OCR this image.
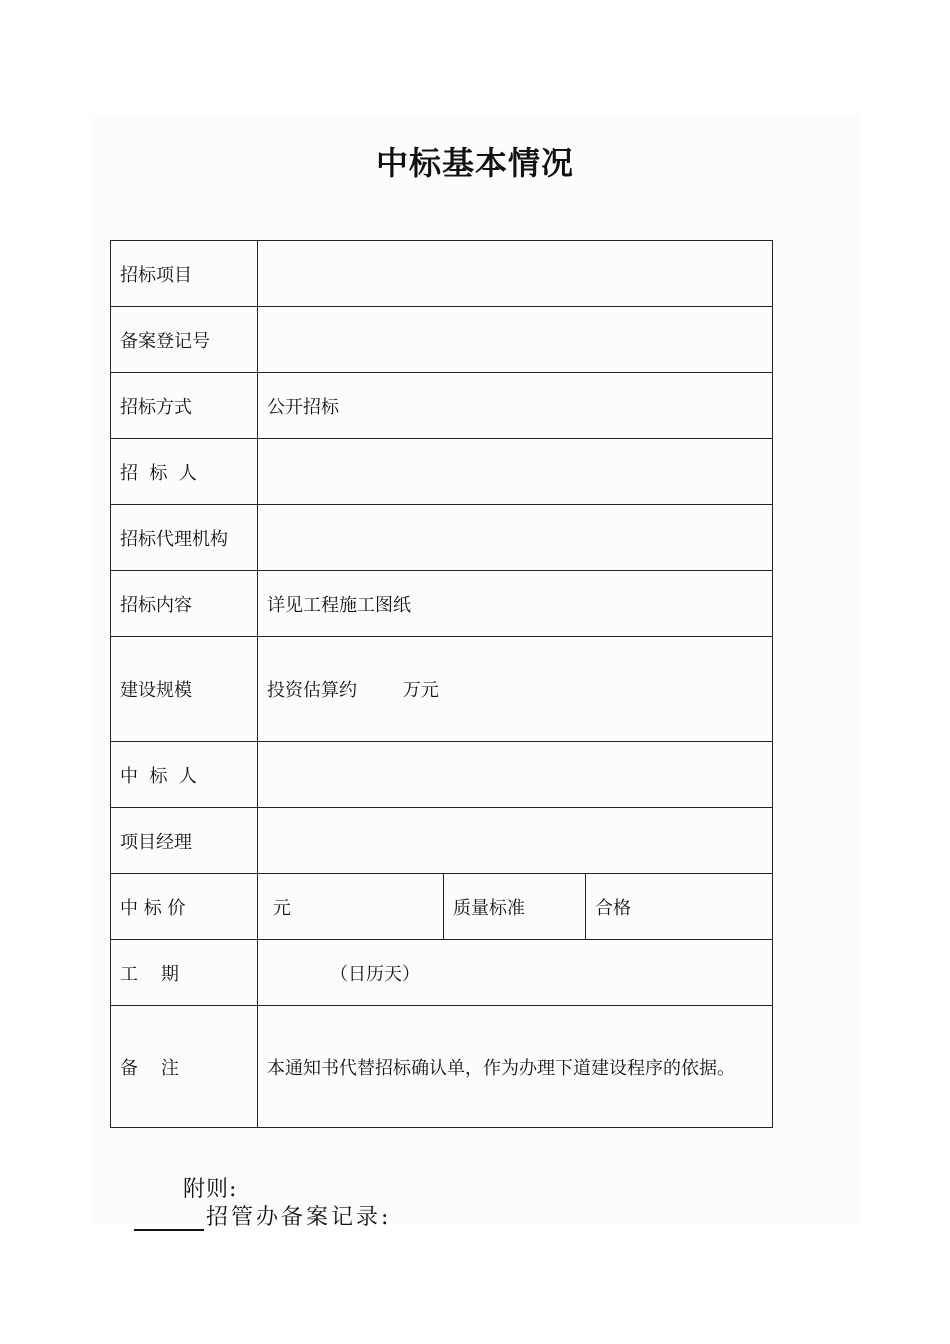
中标基本情况
招标项目			
备案登记号			
招标方式	公开招标		
招  标  人			
招标代理机构			
招标内容	详见工程施工图纸		
建设规模	投资估算约        万元		
中  标  人			
项目经理			
中 标 价	元	质量标准	合格
工    期	（日历天）		
备    注	本通知书代替招标确认单，作为办理下道建设程序的依据。		
附则:
招管办备案记录:
